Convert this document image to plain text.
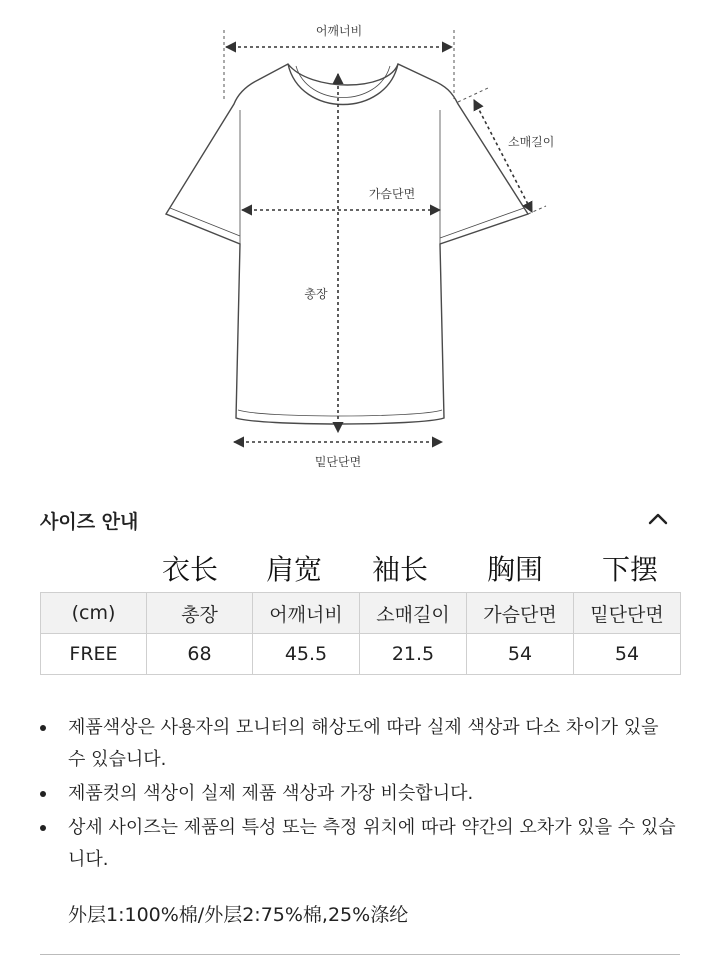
어깨너비
소매길이
가슴단면
총장
밑단단면
사이즈 안내
衣长 肩宽 袖长 胸围 下摆
(cm)	총장	어깨너비	소매길이	가슴단면	밑단단면
FREE	68	45.5	21.5	54	54
제품색상은 사용자의 모니터의 해상도에 따라 실제 색상과 다소 차이가 있을 수 있습니다.
제품컷의 색상이 실제 제품 색상과 가장 비슷합니다.
상세 사이즈는 제품의 특성 또는 측정 위치에 따라 약간의 오차가 있을 수 있습니다.
外层1:100%棉/外层2:75%棉,25%涤纶
